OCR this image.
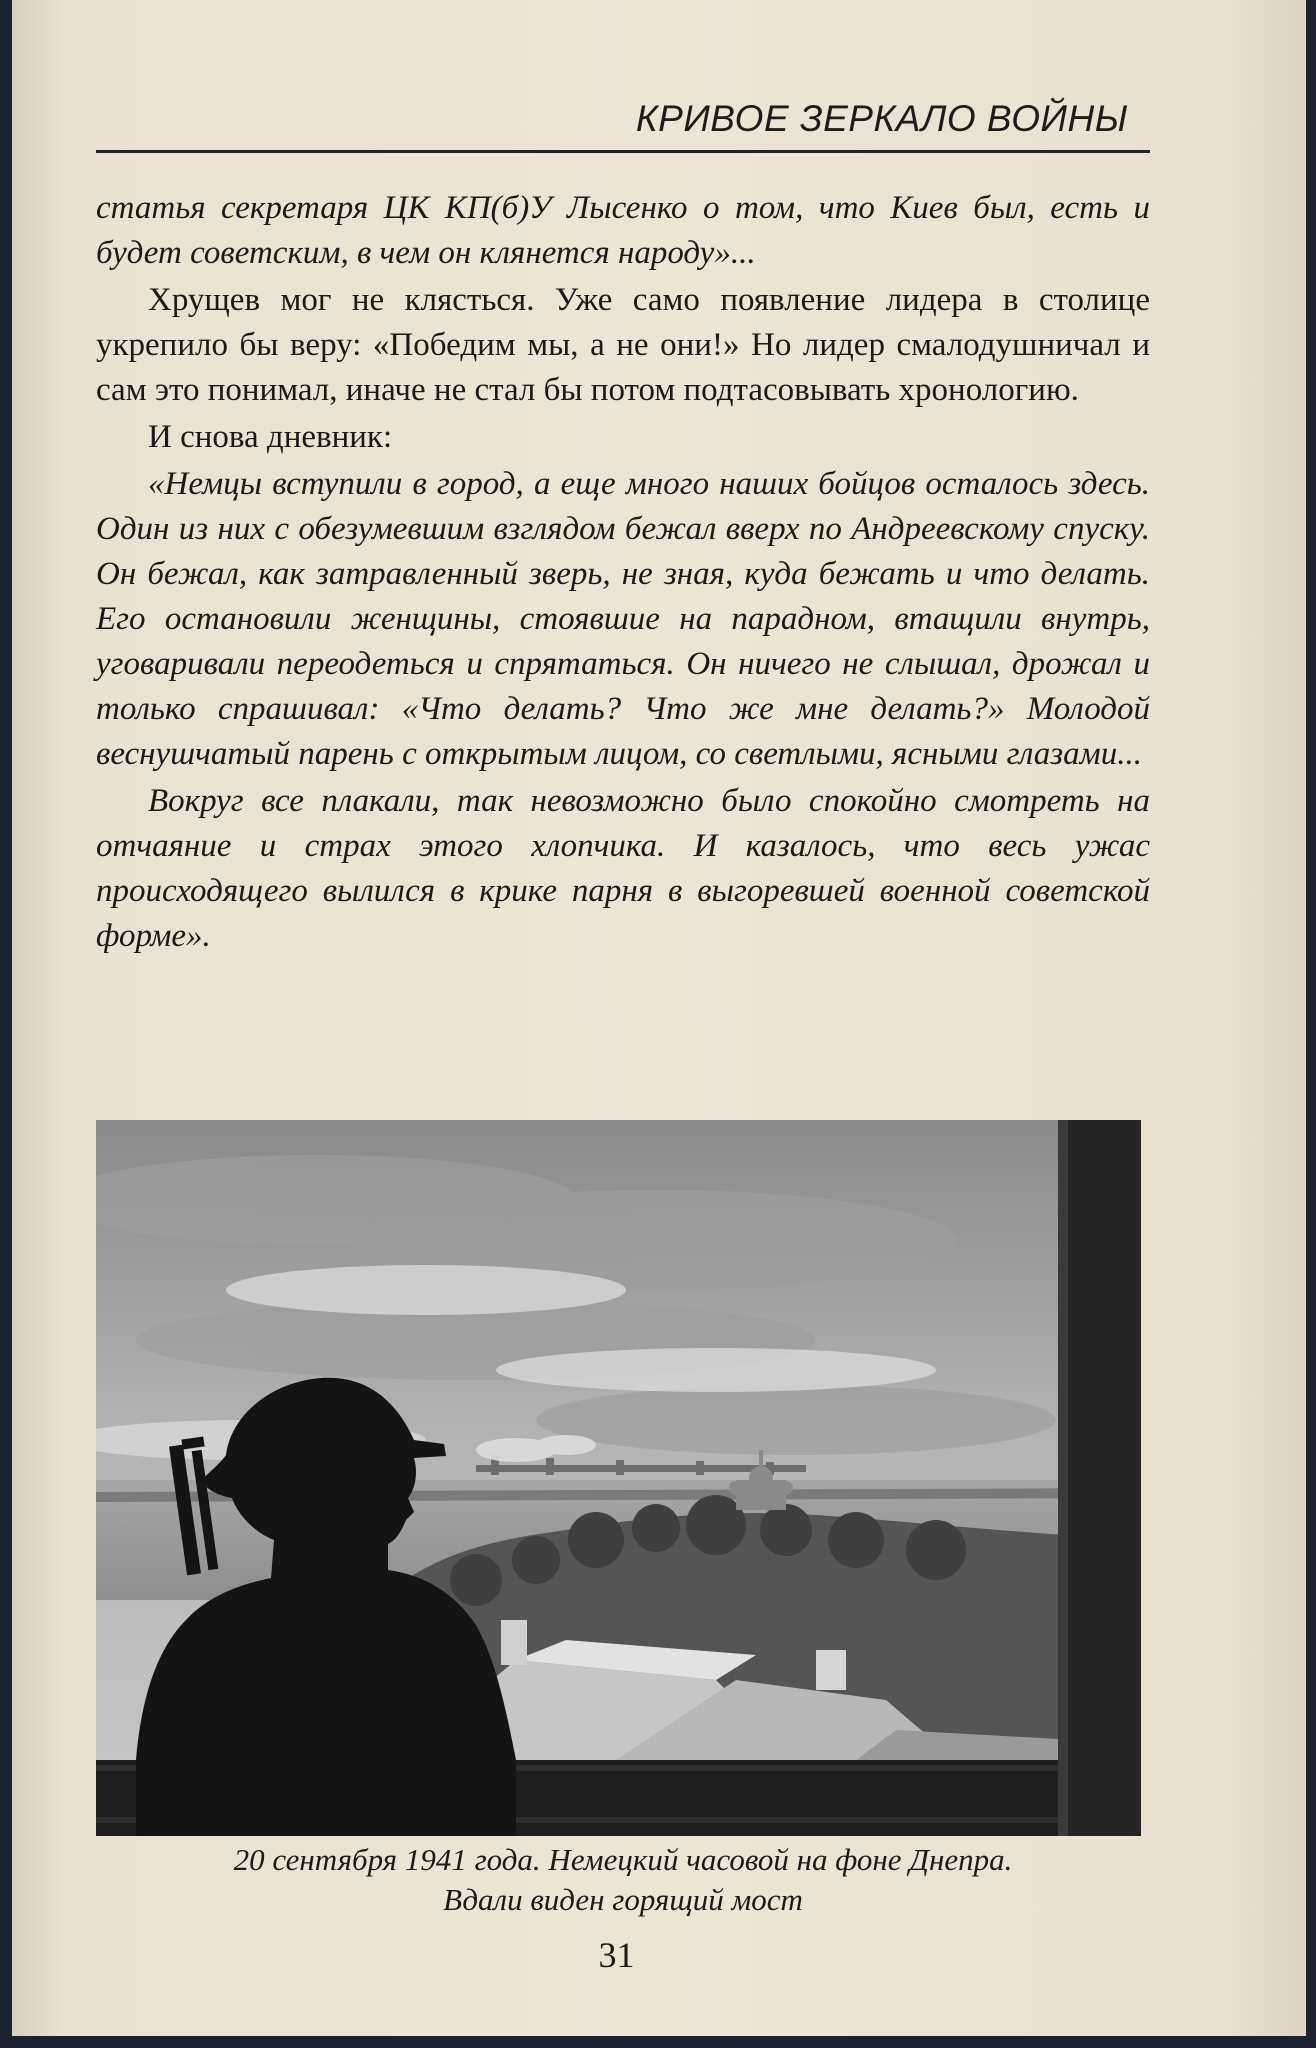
КРИВОЕ ЗЕРКАЛО ВОЙНЫ

статья секретаря ЦК КП(б)У Лысенко о том, что Киев был, есть и будет советским, в чем он клянется народу»...

Хрущев мог не клясться. Уже само появление лидера в столице укрепило бы веру: «Победим мы, а не они!» Но лидер смалодушничал и сам это понимал, иначе не стал бы потом подтасовывать хронологию.

И снова дневник:

«Немцы вступили в город, а еще много наших бойцов осталось здесь. Один из них с обезумевшим взглядом бежал вверх по Андреевскому спуску. Он бежал, как затравленный зверь, не зная, куда бежать и что делать. Его остановили женщины, стоявшие на парадном, втащили внутрь, уговаривали переодеться и спрятаться. Он ничего не слышал, дрожал и только спрашивал: «Что делать? Что же мне делать?» Молодой веснушчатый парень с открытым лицом, со светлыми, ясными глазами...

Вокруг все плакали, так невозможно было спокойно смотреть на отчаяние и страх этого хлопчика. И казалось, что весь ужас происходящего вылился в крике парня в выгоревшей военной советской форме».

20 сентября 1941 года. Немецкий часовой на фоне Днепра.
Вдали виден горящий мост
31
